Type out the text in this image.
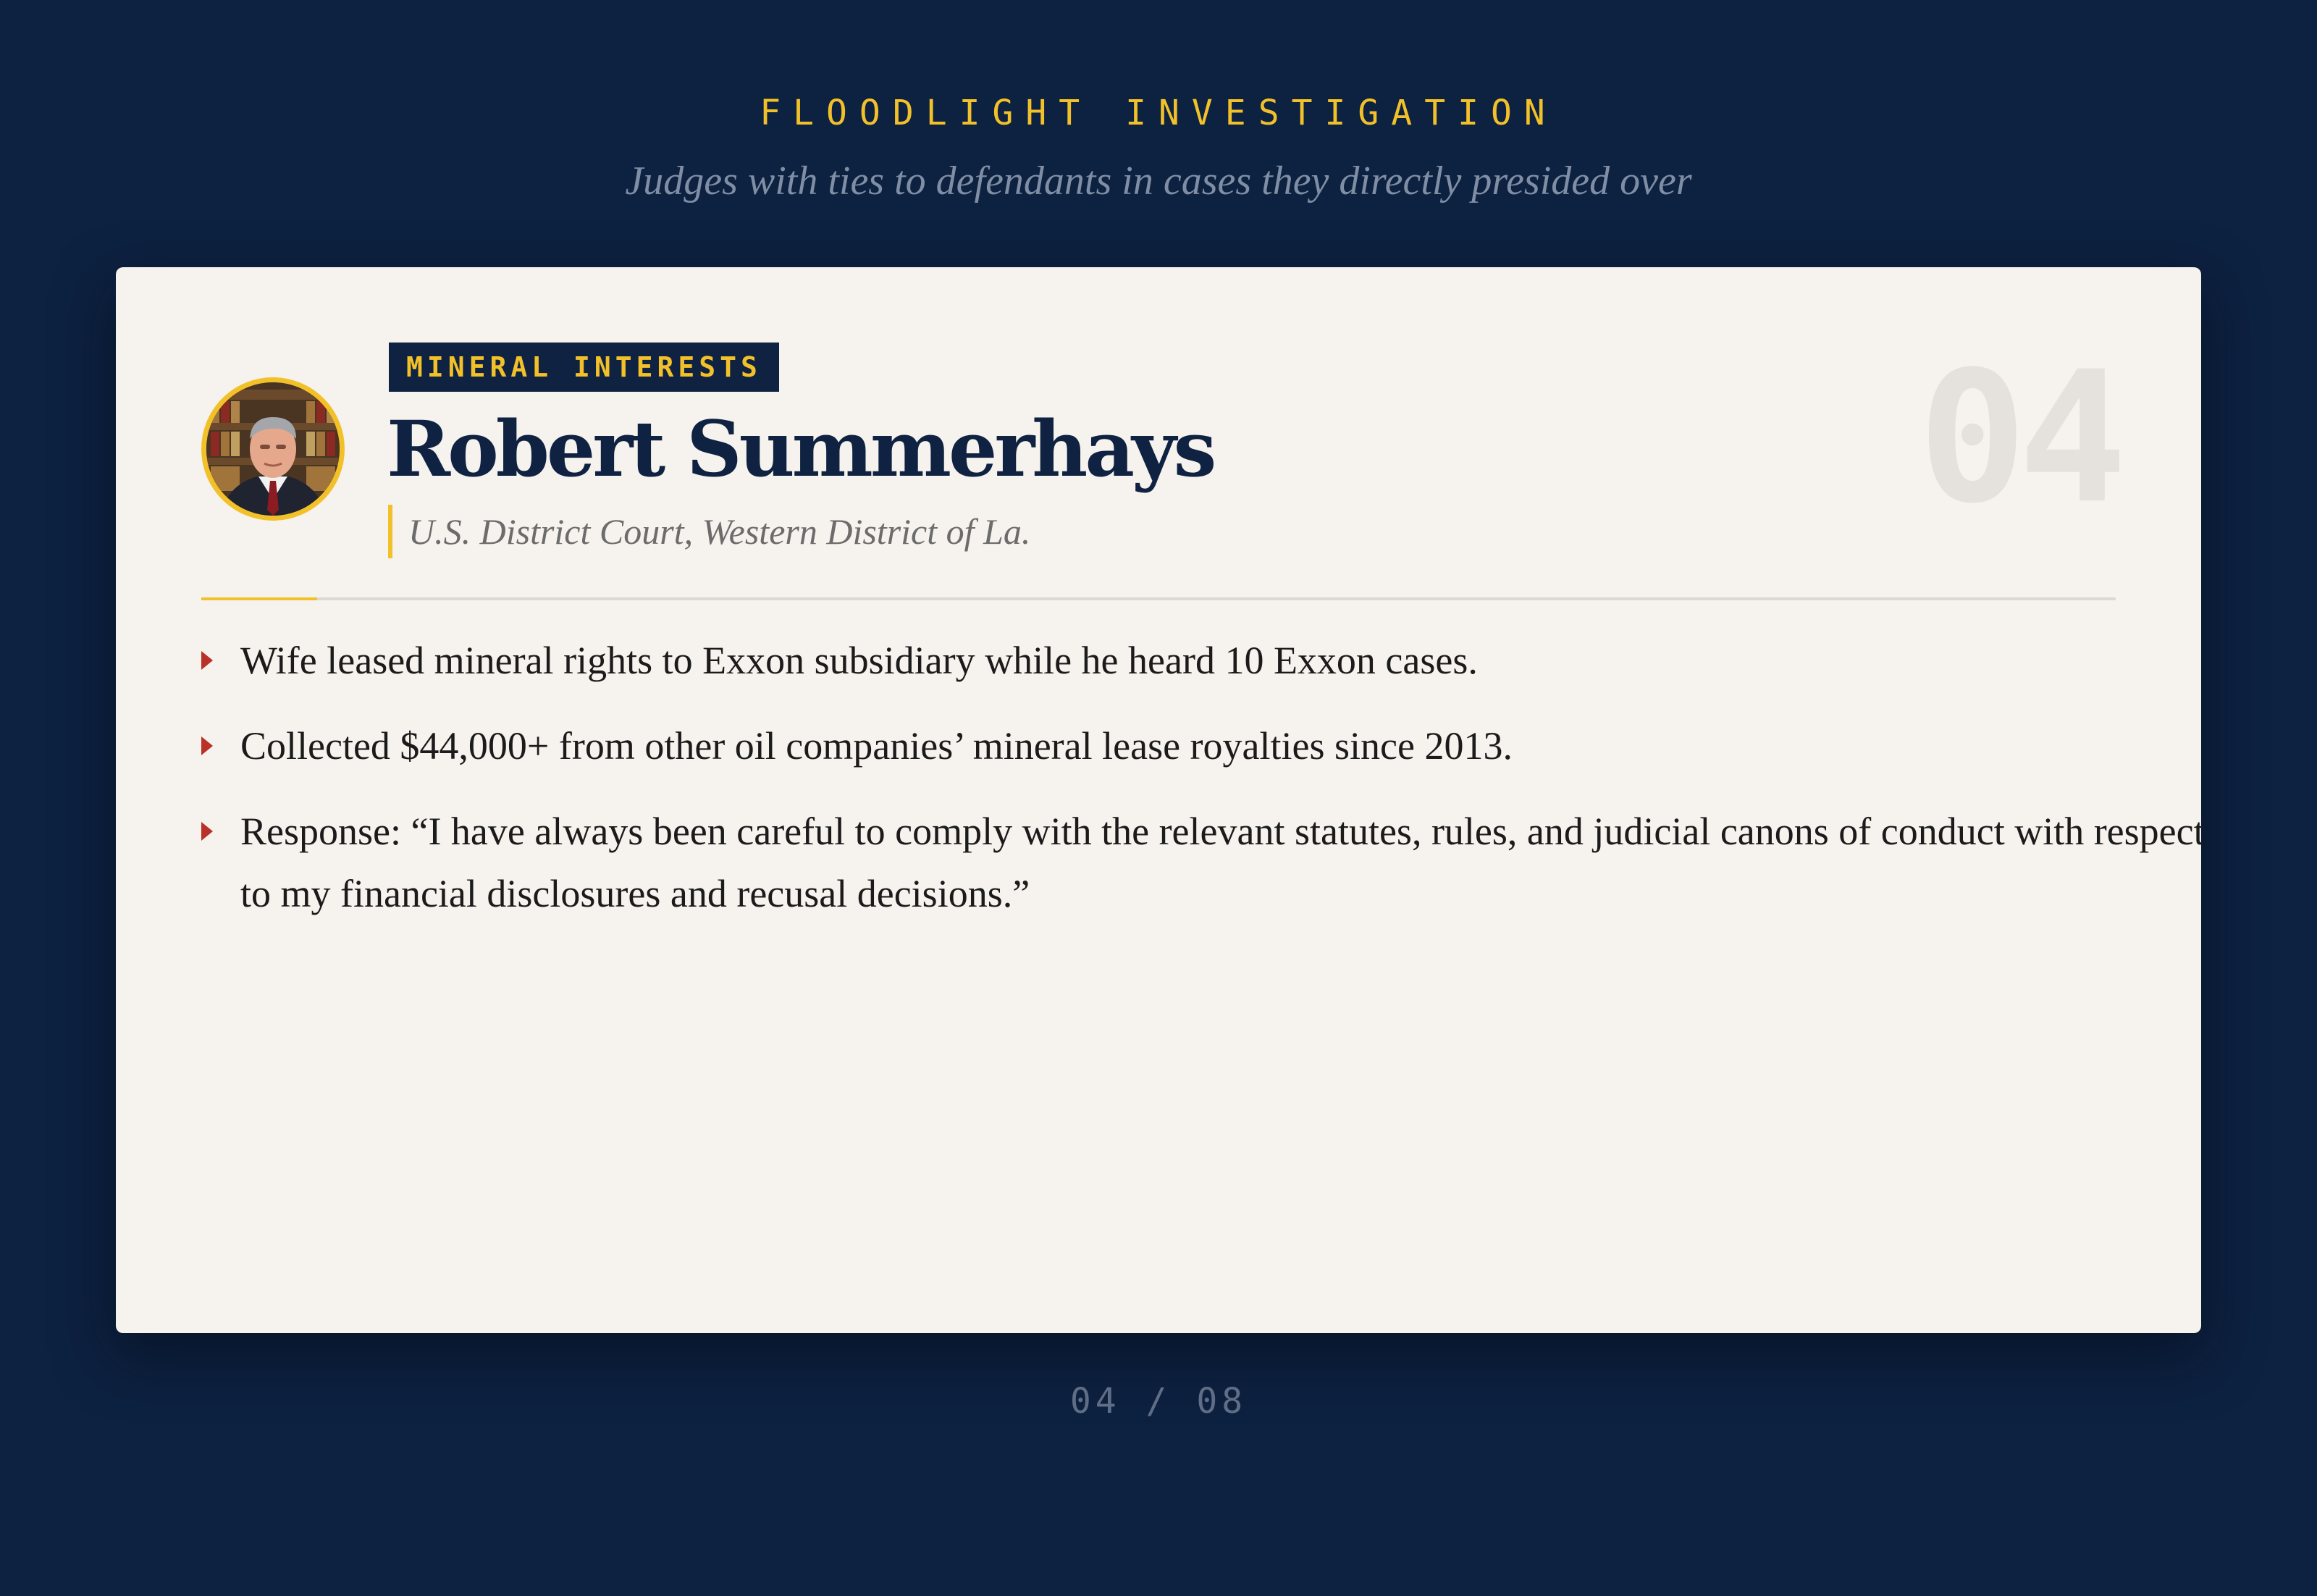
FLOODLIGHT INVESTIGATION
Judges with ties to defendants in cases they directly presided over
MINERAL INTERESTS
Robert Summerhays
U.S. District Court, Western District of La.	04
Wife leased mineral rights to Exxon subsidiary while he heard 10 Exxon cases.
Collected $44,000+ from other oil companies’ mineral lease royalties since 2013.
Response: “I have always been careful to comply with the relevant statutes, rules, and judicial canons of conduct with respect to my financial disclosures and recusal decisions.”
04 / 08
